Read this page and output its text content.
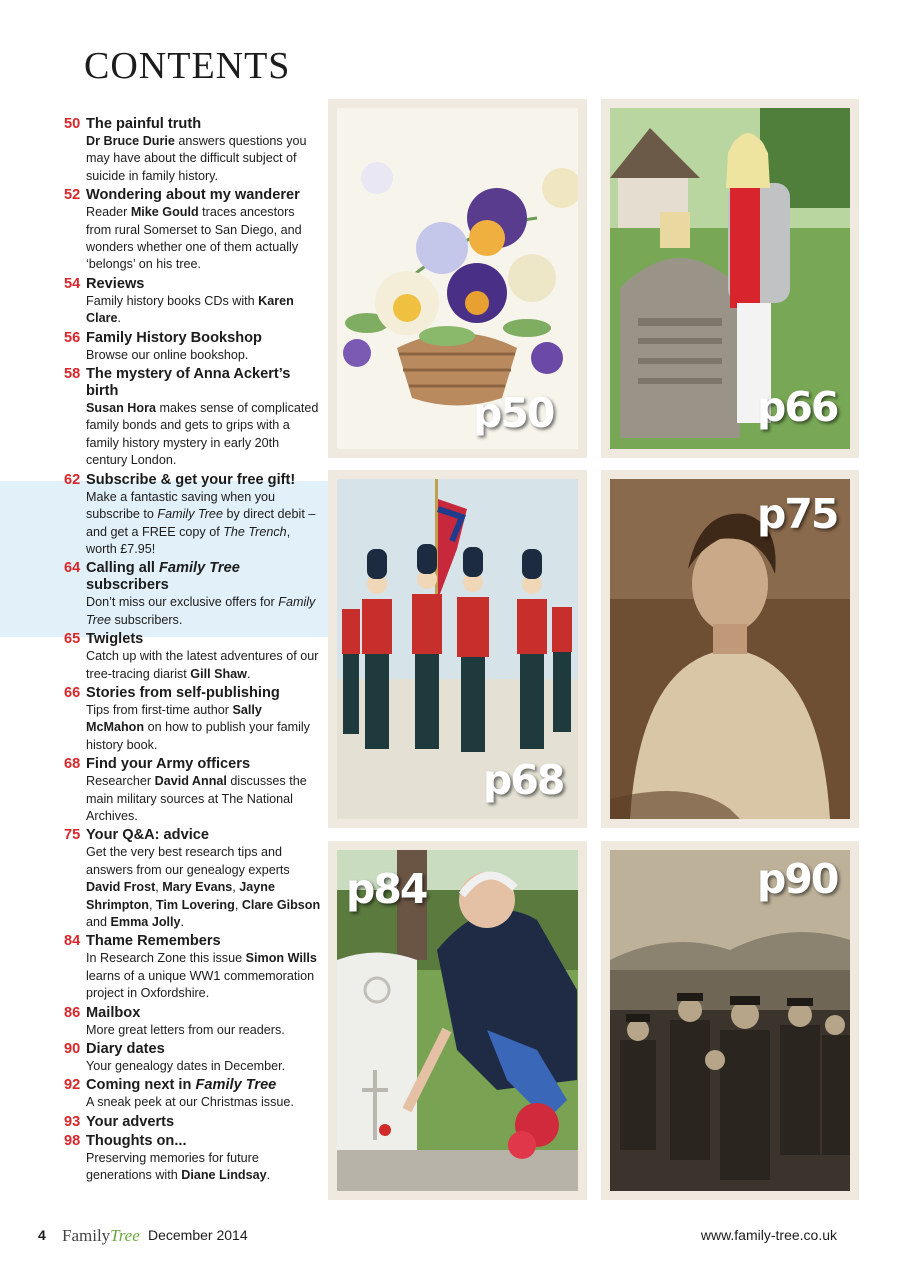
CONTENTS
50 The painful truth
Dr Bruce Durie answers questions you may have about the difficult subject of suicide in family history.
52 Wondering about my wanderer
Reader Mike Gould traces ancestors from rural Somerset to San Diego, and wonders whether one of them actually ‘belongs’ on his tree.
54 Reviews
Family history books CDs with Karen Clare.
56 Family History Bookshop
Browse our online bookshop.
58 The mystery of Anna Ackert’s birth
Susan Hora makes sense of complicated family bonds and gets to grips with a family history mystery in early 20th century London.
62 Subscribe & get your free gift!
Make a fantastic saving when you subscribe to Family Tree by direct debit – and get a FREE copy of The Trench, worth £7.95!
64 Calling all Family Tree subscribers
Don’t miss our exclusive offers for Family Tree subscribers.
65 Twiglets
Catch up with the latest adventures of our tree-tracing diarist Gill Shaw.
66 Stories from self-publishing
Tips from first-time author Sally McMahon on how to publish your family history book.
68 Find your Army officers
Researcher David Annal discusses the main military sources at The National Archives.
75 Your Q&A: advice
Get the very best research tips and answers from our genealogy experts David Frost, Mary Evans, Jayne Shrimpton, Tim Lovering, Clare Gibson and Emma Jolly.
84 Thame Remembers
In Research Zone this issue Simon Wills learns of a unique WW1 commemoration project in Oxfordshire.
86 Mailbox
More great letters from our readers.
90 Diary dates
Your genealogy dates in December.
92 Coming next in Family Tree
A sneak peek at our Christmas issue.
93 Your adverts
98 Thoughts on...
Preserving memories for future generations with Diane Lindsay.
p50	p66
p68
p75
p84	p90
4 FamilyTree December 2014	www.family-tree.co.uk
